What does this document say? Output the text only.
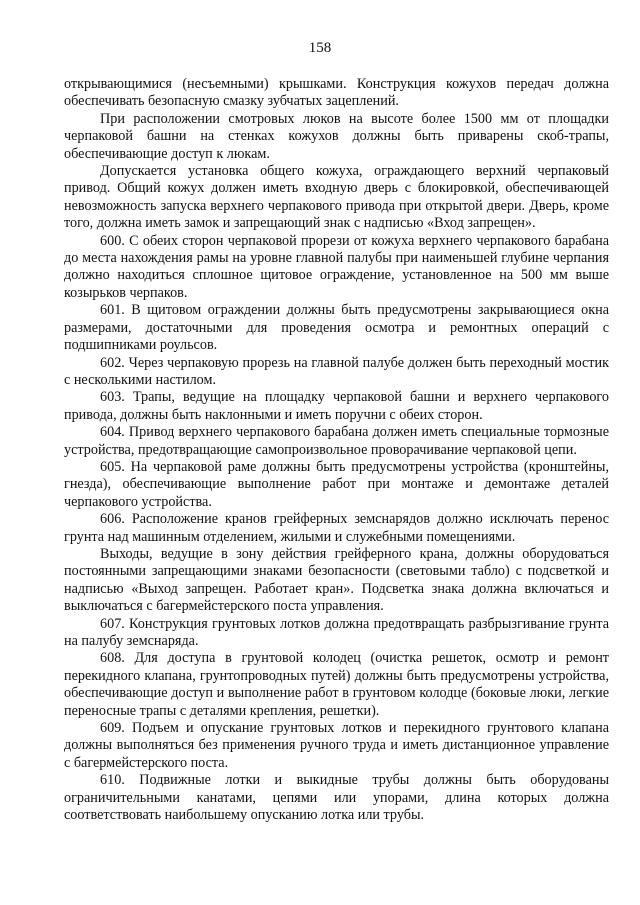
158

открывающимися (несъемными) крышками. Конструкция кожухов передач должна обеспечивать безопасную смазку зубчатых зацеплений.

При расположении смотровых люков на высоте более 1500 мм от площадки черпаковой башни на стенках кожухов должны быть приварены скоб-трапы, обеспечивающие доступ к люкам.

Допускается установка общего кожуха, ограждающего верхний черпаковый привод. Общий кожух должен иметь входную дверь с блокировкой, обеспечивающей невозможность запуска верхнего черпакового привода при открытой двери. Дверь, кроме того, должна иметь замок и запрещающий знак с надписью «Вход запрещен».

600. С обеих сторон черпаковой прорези от кожуха верхнего черпакового барабана до места нахождения рамы на уровне главной палубы при наименьшей глубине черпания должно находиться сплошное щитовое ограждение, установленное на 500 мм выше козырьков черпаков.

601. В щитовом ограждении должны быть предусмотрены закрывающиеся окна размерами, достаточными для проведения осмотра и ремонтных операций с подшипниками роульсов.

602. Через черпаковую прорезь на главной палубе должен быть переходный мостик с несколькими настилом.

603. Трапы, ведущие на площадку черпаковой башни и верхнего черпакового привода, должны быть наклонными и иметь поручни с обеих сторон.

604. Привод верхнего черпакового барабана должен иметь специальные тормозные устройства, предотвращающие самопроизвольное проворачивание черпаковой цепи.

605. На черпаковой раме должны быть предусмотрены устройства (кронштейны, гнезда), обеспечивающие выполнение работ при монтаже и демонтаже деталей черпакового устройства.

606. Расположение кранов грейферных земснарядов должно исключать перенос грунта над машинным отделением, жилыми и служебными помещениями.

Выходы, ведущие в зону действия грейферного крана, должны оборудоваться постоянными запрещающими знаками безопасности (световыми табло) с подсветкой и надписью «Выход запрещен. Работает кран». Подсветка знака должна включаться и выключаться с багермейстерского поста управления.

607. Конструкция грунтовых лотков должна предотвращать разбрызгивание грунта на палубу земснаряда.

608. Для доступа в грунтовой колодец (очистка решеток, осмотр и ремонт перекидного клапана, грунтопроводных путей) должны быть предусмотрены устройства, обеспечивающие доступ и выполнение работ в грунтовом колодце (боковые люки, легкие переносные трапы с деталями крепления, решетки).

609. Подъем и опускание грунтовых лотков и перекидного грунтового клапана должны выполняться без применения ручного труда и иметь дистанционное управление с багермейстерского поста.

610. Подвижные лотки и выкидные трубы должны быть оборудованы ограничительными канатами, цепями или упорами, длина которых должна соответствовать наибольшему опусканию лотка или трубы.
